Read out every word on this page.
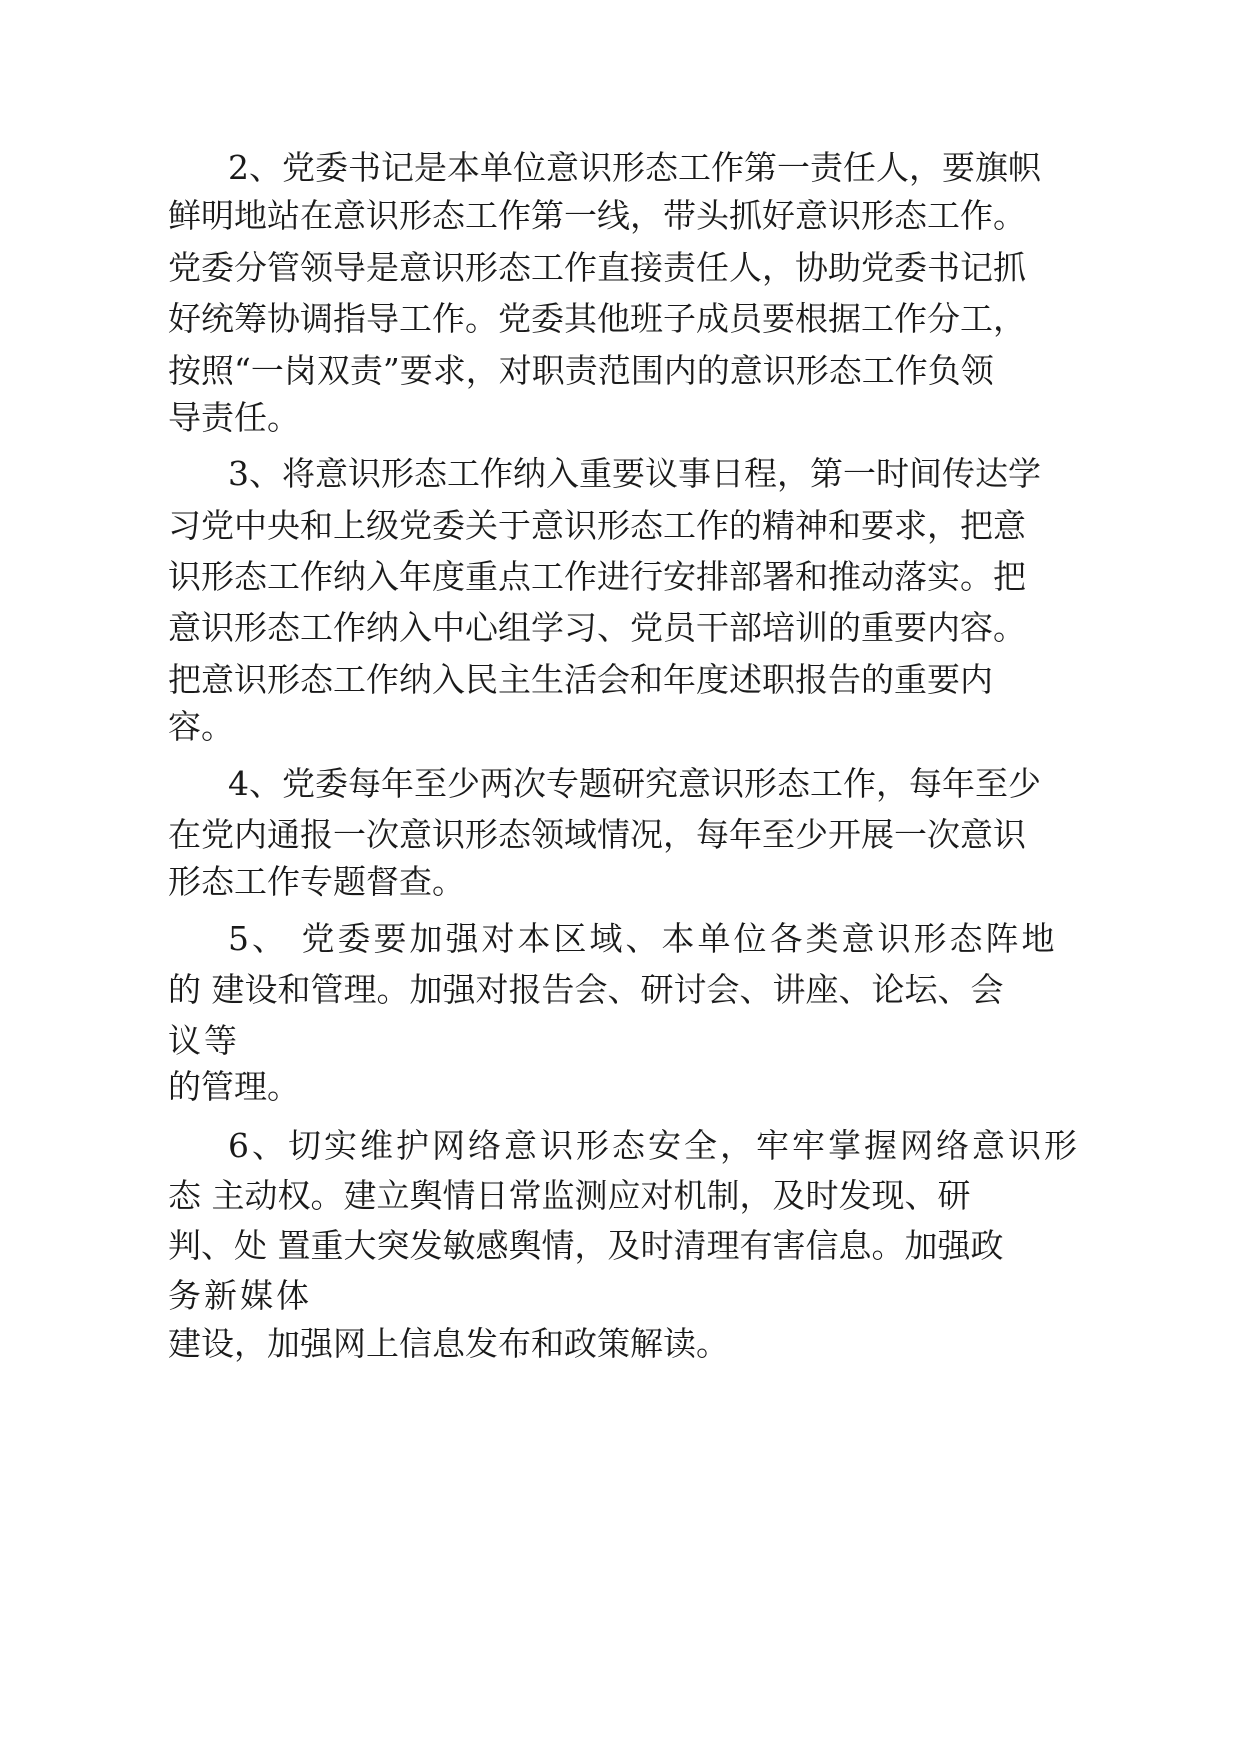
2、党委书记是本单位意识形态工作第一责任人，要旗帜
鲜明地站在意识形态工作第一线，带头抓好意识形态工作。
党委分管领导是意识形态工作直接责任人，协助党委书记抓
好统筹协调指导工作。党委其他班子成员要根据工作分工，
按照“一岗双责”要求，对职责范围内的意识形态工作负领
导责任。
3、将意识形态工作纳入重要议事日程，第一时间传达学
习党中央和上级党委关于意识形态工作的精神和要求，把意
识形态工作纳入年度重点工作进行安排部署和推动落实。把
意识形态工作纳入中心组学习、党员干部培训的重要内容。
把意识形态工作纳入民主生活会和年度述职报告的重要内
容。
4、党委每年至少两次专题研究意识形态工作，每年至少
在党内通报一次意识形态领域情况，每年至少开展一次意识
形态工作专题督查。
5、 党委要加强对本区域、本单位各类意识形态阵地
的 建设和管理。加强对报告会、研讨会、讲座、论坛、会
议等
的管理。
6、切实维护网络意识形态安全，牢牢掌握网络意识形
态 主动权。建立舆情日常监测应对机制，及时发现、研
判、处 置重大突发敏感舆情，及时清理有害信息。加强政
务新媒体
建设，加强网上信息发布和政策解读。
